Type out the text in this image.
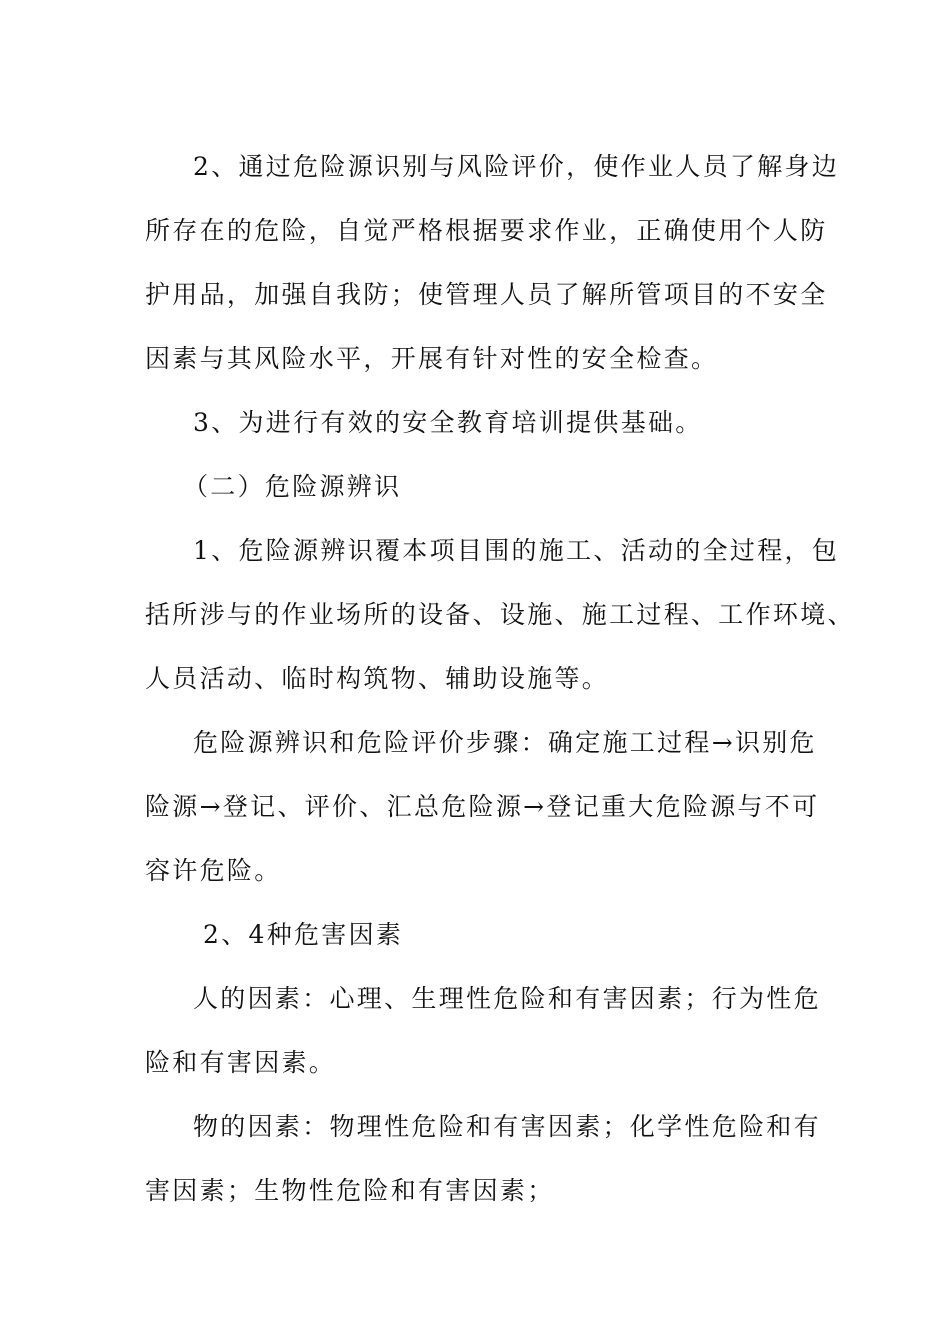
2、通过危险源识别与风险评价，使作业人员了解身边
所存在的危险，自觉严格根据要求作业，正确使用个人防
护用品，加强自我防；使管理人员了解所管项目的不安全
因素与其风险水平，开展有针对性的安全检查。
3、为进行有效的安全教育培训提供基础。
（二）危险源辨识
1、危险源辨识覆本项目围的施工、活动的全过程，包
括所涉与的作业场所的设备、设施、施工过程、工作环境、
人员活动、临时构筑物、辅助设施等。
危险源辨识和危险评价步骤：确定施工过程→识别危
险源→登记、评价、汇总危险源→登记重大危险源与不可
容许危险。
2、4种危害因素
人的因素：心理、生理性危险和有害因素；行为性危
险和有害因素。
物的因素：物理性危险和有害因素；化学性危险和有
害因素；生物性危险和有害因素；
